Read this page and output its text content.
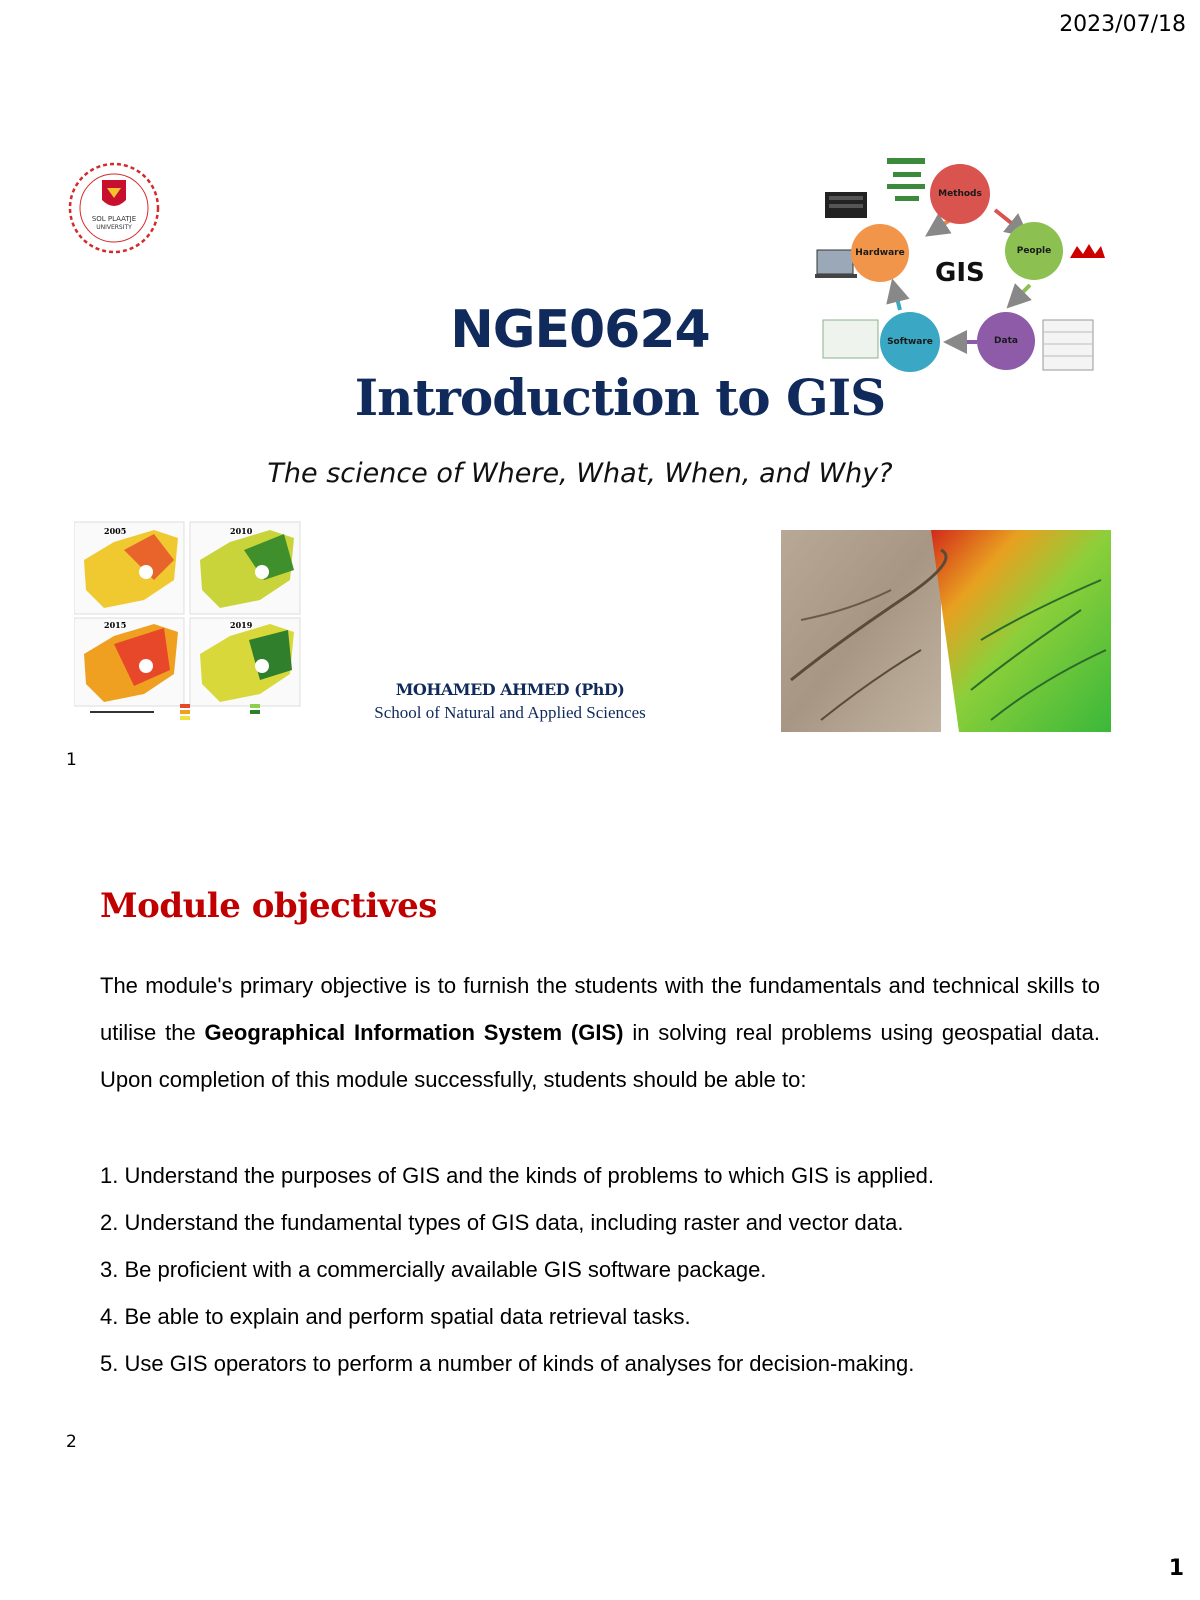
2023/07/18
SOL PLAATJE
UNIVERSITY
Methods
People
Data
Software
Hardware
GIS
NGE0624
Introduction to GIS
The science of Where, What, When, and Why?
2005	2010
2015	2019
MOHAMED AHMED (PhD)
School of Natural and Applied Sciences
1
Module objectives
The module's primary objective is to furnish the students with the fundamentals and technical skills to utilise the Geographical Information System (GIS) in solving real problems using geospatial data. Upon completion of this module successfully, students should be able to:
1. Understand the purposes of GIS and the kinds of problems to which GIS is applied.
2. Understand the fundamental types of GIS data, including raster and vector data.
3. Be proficient with a commercially available GIS software package.
4. Be able to explain and perform spatial data retrieval tasks.
5. Use GIS operators to perform a number of kinds of analyses for decision-making.
2
1
